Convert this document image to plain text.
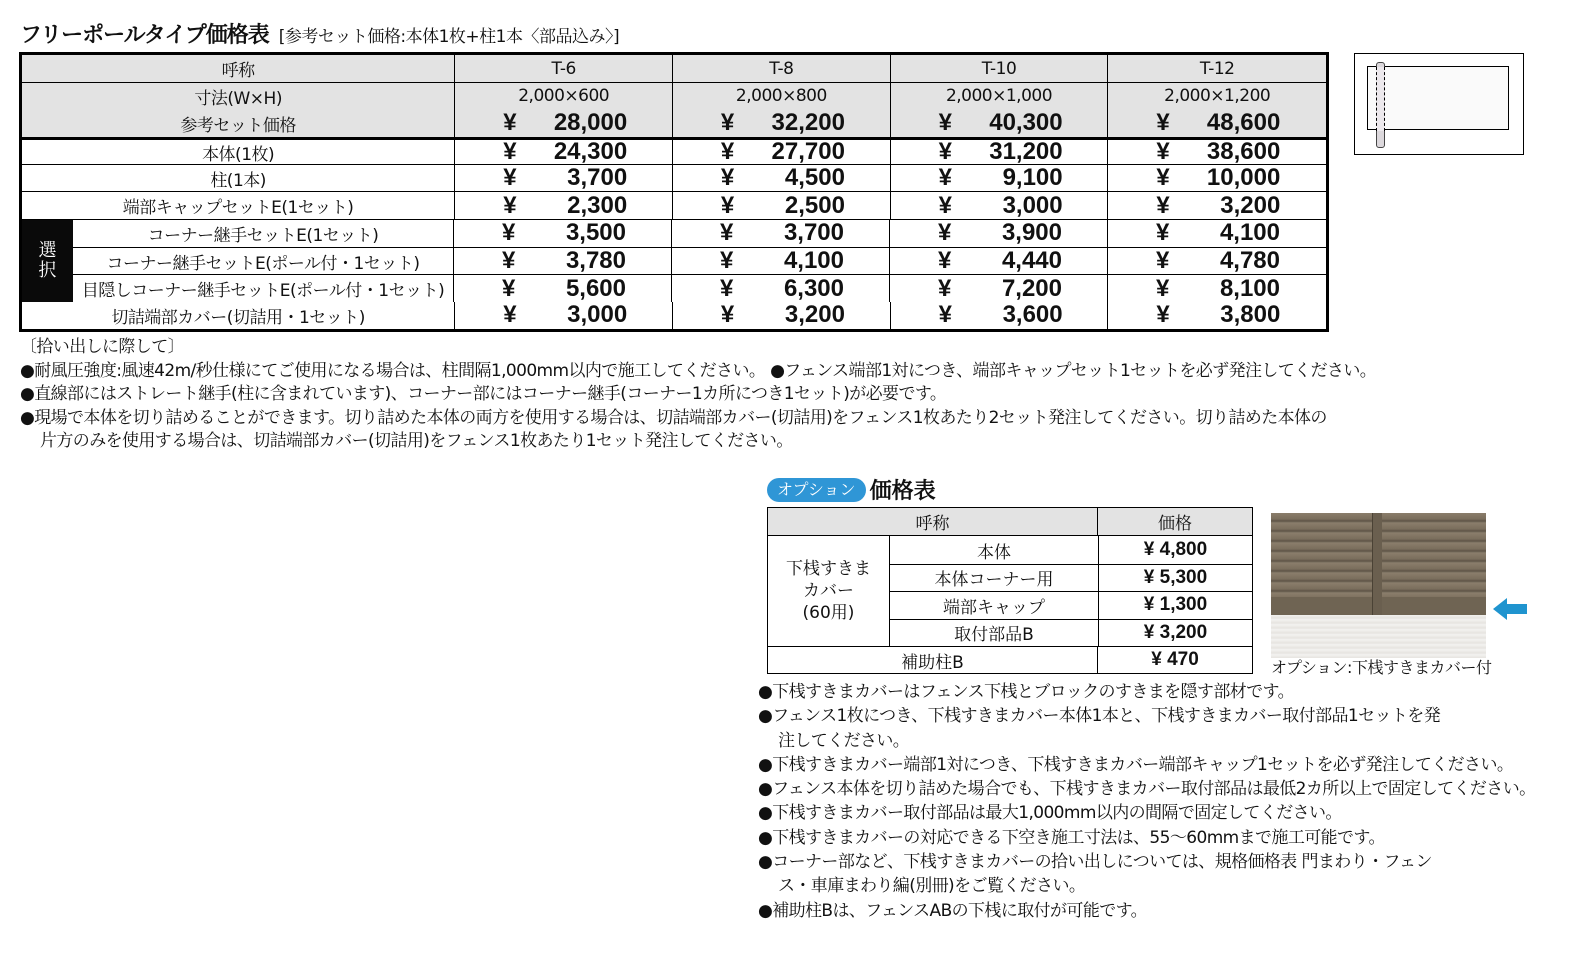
フリーポールタイプ価格表 [参考セット価格:本体1枚+柱1本〈部品込み〉]
呼称	T-6	T-8	T-10	T-12
寸法(W×H)	2,000×600	2,000×800	2,000×1,000	2,000×1,200
参考セット価格	¥	28,000	¥	32,200	¥	40,300	¥	48,600
本体(1枚)	¥	24,300	¥	27,700	¥	31,200	¥	38,600
柱(1本)	¥	3,700	¥	4,500	¥	9,100	¥	10,000
端部キャップセットE(1セット)	¥	2,300	¥	2,500	¥	3,000	¥	3,200
選
択
コーナー継手セットE(1セット)	¥	3,500	¥	3,700	¥	3,900	¥	4,100
コーナー継手セットE(ポール付・1セット)	¥	3,780	¥	4,100	¥	4,440	¥	4,780
目隠しコーナー継手セットE(ポール付・1セット)	¥	5,600	¥	6,300	¥	7,200	¥	8,100
切詰端部カバー(切詰用・1セット)	¥	3,000	¥	3,200	¥	3,600	¥	3,800
〔拾い出しに際して〕
●耐風圧強度:風速42m/秒仕様にてご使用になる場合は、柱間隔1,000mm以内で施工してください。 ●フェンス端部1対につき、端部キャップセット1セットを必ず発注してください。
●直線部にはストレート継手(柱に含まれています)、コーナー部にはコーナー継手(コーナー1カ所につき1セット)が必要です。
●現場で本体を切り詰めることができます。切り詰めた本体の両方を使用する場合は、切詰端部カバー(切詰用)をフェンス1枚あたり2セット発注してください。切り詰めた本体の
片方のみを使用する場合は、切詰端部カバー(切詰用)をフェンス1枚あたり1セット発注してください。
オプション 価格表
呼称	価格
下桟すきま
カバー
(60用)
本体	¥ 4,800
本体コーナー用	¥ 5,300
端部キャップ	¥ 1,300
取付部品B	¥ 3,200
補助柱B	¥ 470	オプション:下桟すきまカバー付
●下桟すきまカバーはフェンス下桟とブロックのすきまを隠す部材です。
●フェンス1枚につき、下桟すきまカバー本体1本と、下桟すきまカバー取付部品1セットを発
注してください。
●下桟すきまカバー端部1対につき、下桟すきまカバー端部キャップ1セットを必ず発注してください。
●フェンス本体を切り詰めた場合でも、下桟すきまカバー取付部品は最低2カ所以上で固定してください。
●下桟すきまカバー取付部品は最大1,000mm以内の間隔で固定してください。
●下桟すきまカバーの対応できる下空き施工寸法は、55～60mmまで施工可能です。
●コーナー部など、下桟すきまカバーの拾い出しについては、規格価格表 門まわり・フェン
ス・車庫まわり編(別冊)をご覧ください。
●補助柱Bは、フェンスABの下桟に取付が可能です。
